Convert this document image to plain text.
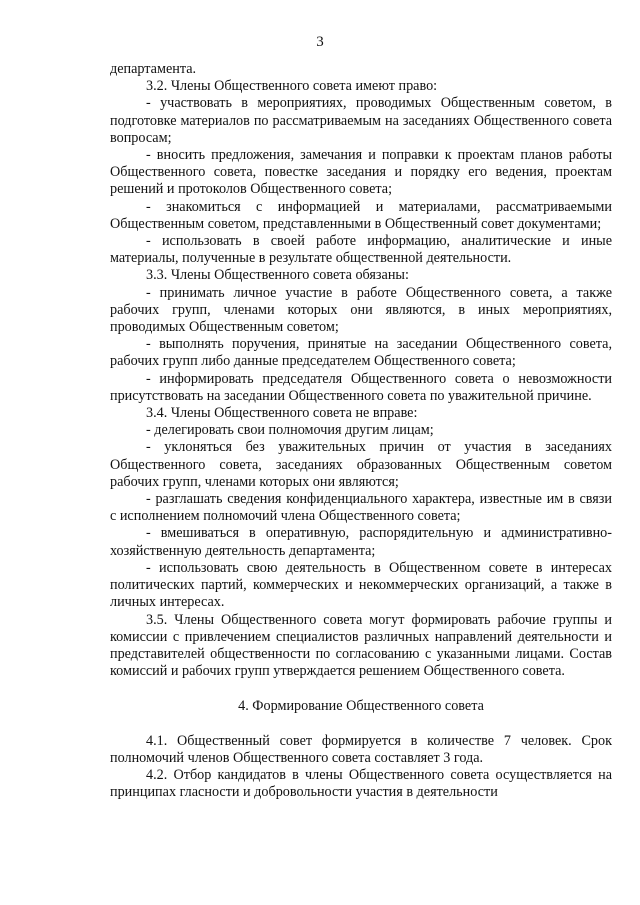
3

департамента.

3.2. Члены Общественного совета имеют право:

- участвовать в мероприятиях, проводимых Общественным советом, в подготовке материалов по рассматриваемым на заседаниях Общественного совета вопросам;

- вносить предложения, замечания и поправки к проектам планов работы Общественного совета, повестке заседания и порядку его ведения, проектам решений и протоколов Общественного совета;

- знакомиться с информацией и материалами, рассматриваемыми Общественным советом, представленными в Общественный совет документами;

- использовать в своей работе информацию, аналитические и иные материалы, полученные в результате общественной деятельности.

3.3. Члены Общественного совета обязаны:

- принимать личное участие в работе Общественного совета, а также рабочих групп, членами которых они являются, в иных мероприятиях, проводимых Общественным советом;

- выполнять поручения, принятые на заседании Общественного совета, рабочих групп либо данные председателем Общественного совета;

- информировать председателя Общественного совета о невозможности присутствовать на заседании Общественного совета по уважительной причине.

3.4. Члены Общественного совета не вправе:

- делегировать свои полномочия другим лицам;

- уклоняться без уважительных причин от участия в заседаниях Общественного совета, заседаниях образованных Общественным советом рабочих групп, членами которых они являются;

- разглашать сведения конфиденциального характера, известные им в связи с исполнением полномочий члена Общественного совета;

- вмешиваться в оперативную, распорядительную и административно-хозяйственную деятельность департамента;

- использовать свою деятельность в Общественном совете в интересах политических партий, коммерческих и некоммерческих организаций, а также в личных интересах.

3.5. Члены Общественного совета могут формировать рабочие группы и комиссии с привлечением специалистов различных направлений деятельности и представителей общественности по согласованию с указанными лицами. Состав комиссий и рабочих групп утверждается решением Общественного совета.

4. Формирование Общественного совета

4.1. Общественный совет формируется в количестве 7 человек. Срок полномочий членов Общественного совета составляет 3 года.

4.2. Отбор кандидатов в члены Общественного совета осуществляется на принципах гласности и добровольности участия в деятельности
